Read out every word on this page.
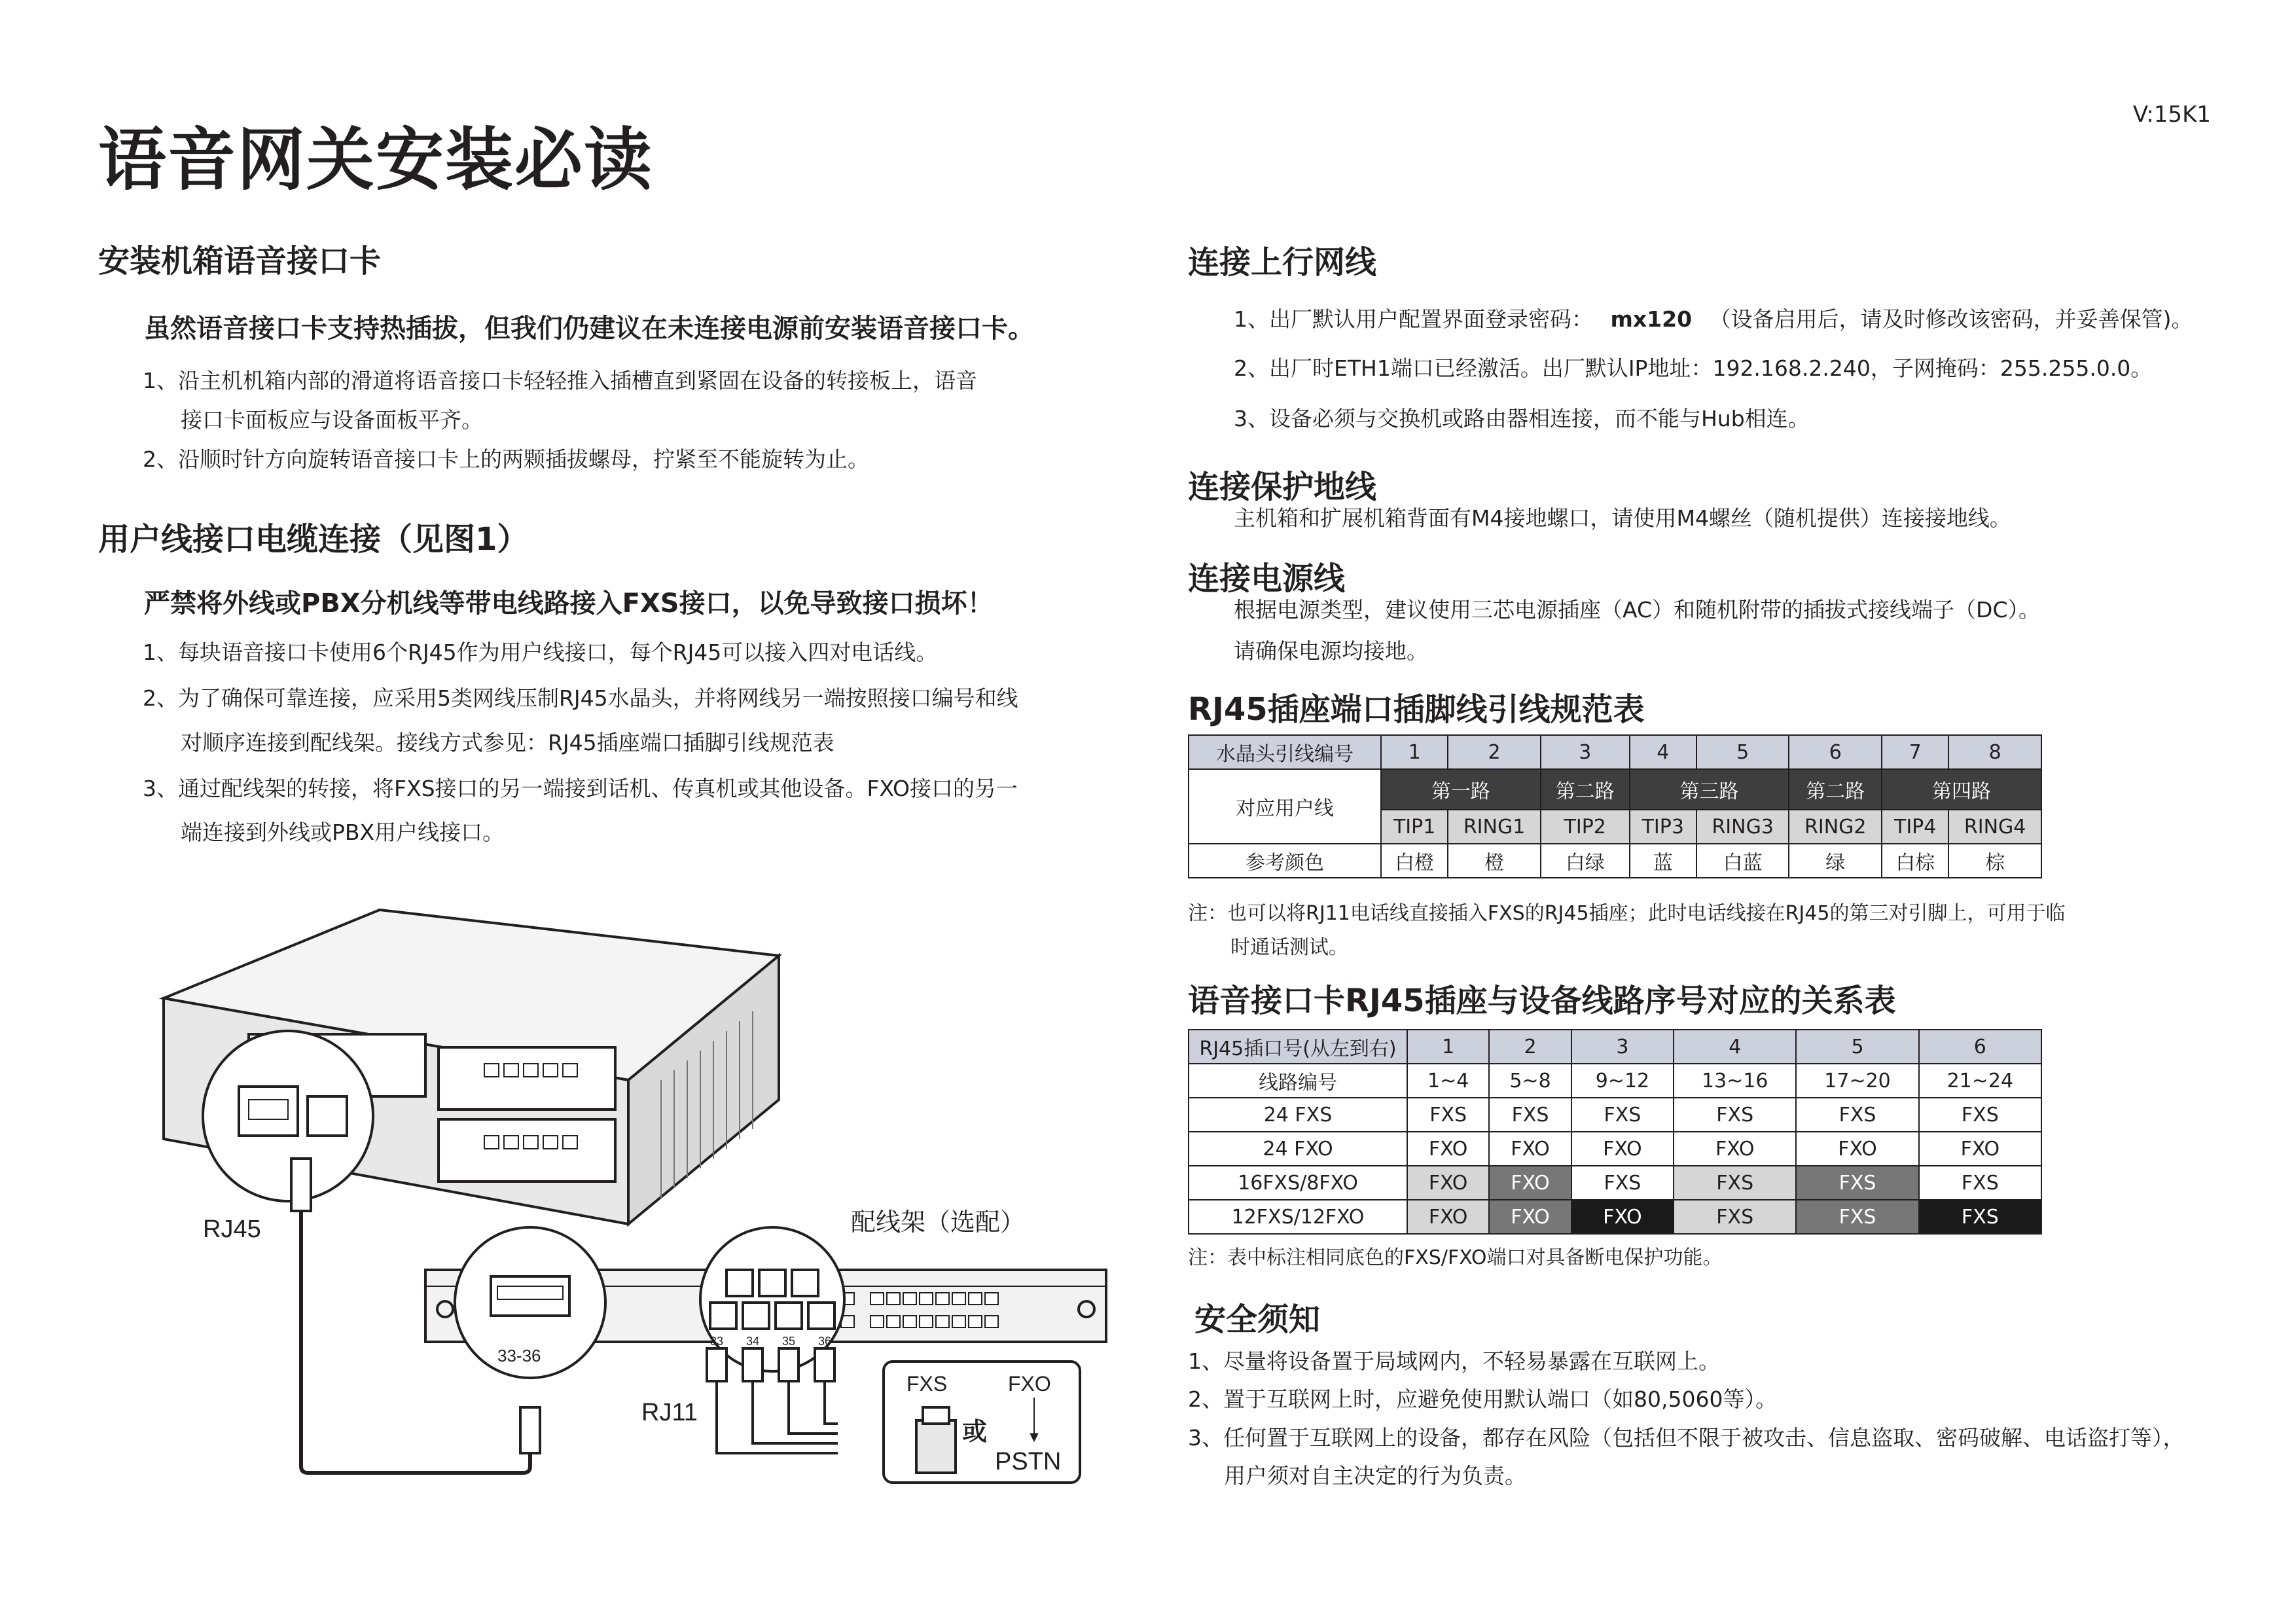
语音网关安装必读
V:15K1
安装机箱语音接口卡

虽然语音接口卡支持热插拔，但我们仍建议在未连接电源前安装语音接口卡。

1、沿主机机箱内部的滑道将语音接口卡轻轻推入插槽直到紧固在设备的转接板上，语音

接口卡面板应与设备面板平齐。

2、沿顺时针方向旋转语音接口卡上的两颗插拔螺母，拧紧至不能旋转为止。

用户线接口电缆连接（见图1）

严禁将外线或PBX分机线等带电线路接入FXS接口，以免导致接口损坏！

1、每块语音接口卡使用6个RJ45作为用户线接口，每个RJ45可以接入四对电话线。

2、为了确保可靠连接，应采用5类网线压制RJ45水晶头，并将网线另一端按照接口编号和线

对顺序连接到配线架。接线方式参见：RJ45插座端口插脚引线规范表

3、通过配线架的转接，将FXS接口的另一端接到话机、传真机或其他设备。FXO接口的另一

端连接到外线或PBX用户线接口。

RJ45	配线架（选配）
33-36
RJ11
33 34 35 36
FXS	FXO
或
PSTN
连接上行网线

1、出厂默认用户配置界面登录密码： mx120 （设备启用后，请及时修改该密码，并妥善保管)。

2、出厂时ETH1端口已经激活。出厂默认IP地址：192.168.2.240，子网掩码：255.255.0.0。

3、设备必须与交换机或路由器相连接，而不能与Hub相连。

连接保护地线

主机箱和扩展机箱背面有M4接地螺口，请使用M4螺丝（随机提供）连接接地线。

连接电源线

根据电源类型，建议使用三芯电源插座（AC）和随机附带的插拔式接线端子（DC）。

请确保电源均接地。

RJ45插座端口插脚线引线规范表
水晶头引线编号	1	2	3	4	5	6	7	8
对应用户线	第一路		第二路	第三路		第二路	第四路	
	TIP1	RING1	TIP2	TIP3	RING3	RING2	TIP4	RING4
参考颜色	白橙	橙	白绿	蓝	白蓝	绿	白棕	棕

注：也可以将RJ11电话线直接插入FXS的RJ45插座；此时电话线接在RJ45的第三对引脚上，可用于临

时通话测试。

语音接口卡RJ45插座与设备线路序号对应的关系表
RJ45插口号(从左到右)	1	2	3	4	5	6
线路编号	1~4	5~8	9~12	13~16	17~20	21~24
24 FXS	FXS	FXS	FXS	FXS	FXS	FXS
24 FXO	FXO	FXO	FXO	FXO	FXO	FXO
16FXS/8FXO	FXO	FXO	FXS	FXS	FXS	FXS
12FXS/12FXO	FXO	FXO	FXO	FXS	FXS	FXS

注：表中标注相同底色的FXS/FXO端口对具备断电保护功能。

安全须知

1、尽量将设备置于局域网内，不轻易暴露在互联网上。

2、置于互联网上时，应避免使用默认端口（如80,5060等）。

3、任何置于互联网上的设备，都存在风险（包括但不限于被攻击、信息盗取、密码破解、电话盗打等），

用户须对自主决定的行为负责。
